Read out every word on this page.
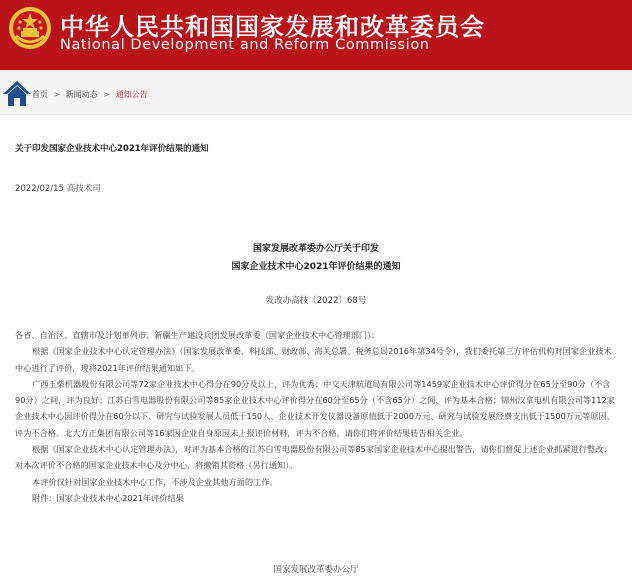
中华人民共和国国家发展和改革委员会
National Development and Reform Commission
首页 > 新闻动态 > 通知公告
关于印发国家企业技术中心2021年评价结果的通知
2022/02/15 高技术司
国家发展改革委办公厅关于印发
国家企业技术中心2021年评价结果的通知
发改办高技〔2022〕68号

各省、自治区、直辖市及计划单列市、新疆生产建设兵团发展改革委（国家企业技术中心管理部门）：

根据《国家企业技术中心认定管理办法》（国家发展改革委、科技部、财政部、海关总署、税务总局2016年第34号令），我们委托第三方评估机构对国家企业技术中心进行了评价，现将2021年评价结果通知如下。

广西玉柴机器股份有限公司等72家企业技术中心得分在90分及以上，评为优秀；中交天津航道局有限公司等1459家企业技术中心评价得分在65分至90分（不含90分）之间，评为良好；江苏白雪电器股份有限公司等85家企业技术中心评价得分在60分至65分（不含65分）之间，评为基本合格；锦州汉拿电机有限公司等112家企业技术中心因评价得分在60分以下、研究与试验发展人员低于150人、企业技术开发仪器设备原值低于2000万元、研究与试验发展经费支出低于1500万元等原因，评为不合格。北大方正集团有限公司等16家因企业自身原因未上报评价材料，评为不合格。请你们将评价结果转告相关企业。

根据《国家企业技术中心认定管理办法》，对评为基本合格的江苏白雪电器股份有限公司等85家国家企业技术中心提出警告，请你们督促上述企业抓紧进行整改；对本次评价不合格的国家企业技术中心及分中心，将撤销其资格（另行通知）。

本评价仅针对国家企业技术中心工作，不涉及企业其他方面的工作。

附件：国家企业技术中心2021年评价结果

国家发展改革委办公厅
